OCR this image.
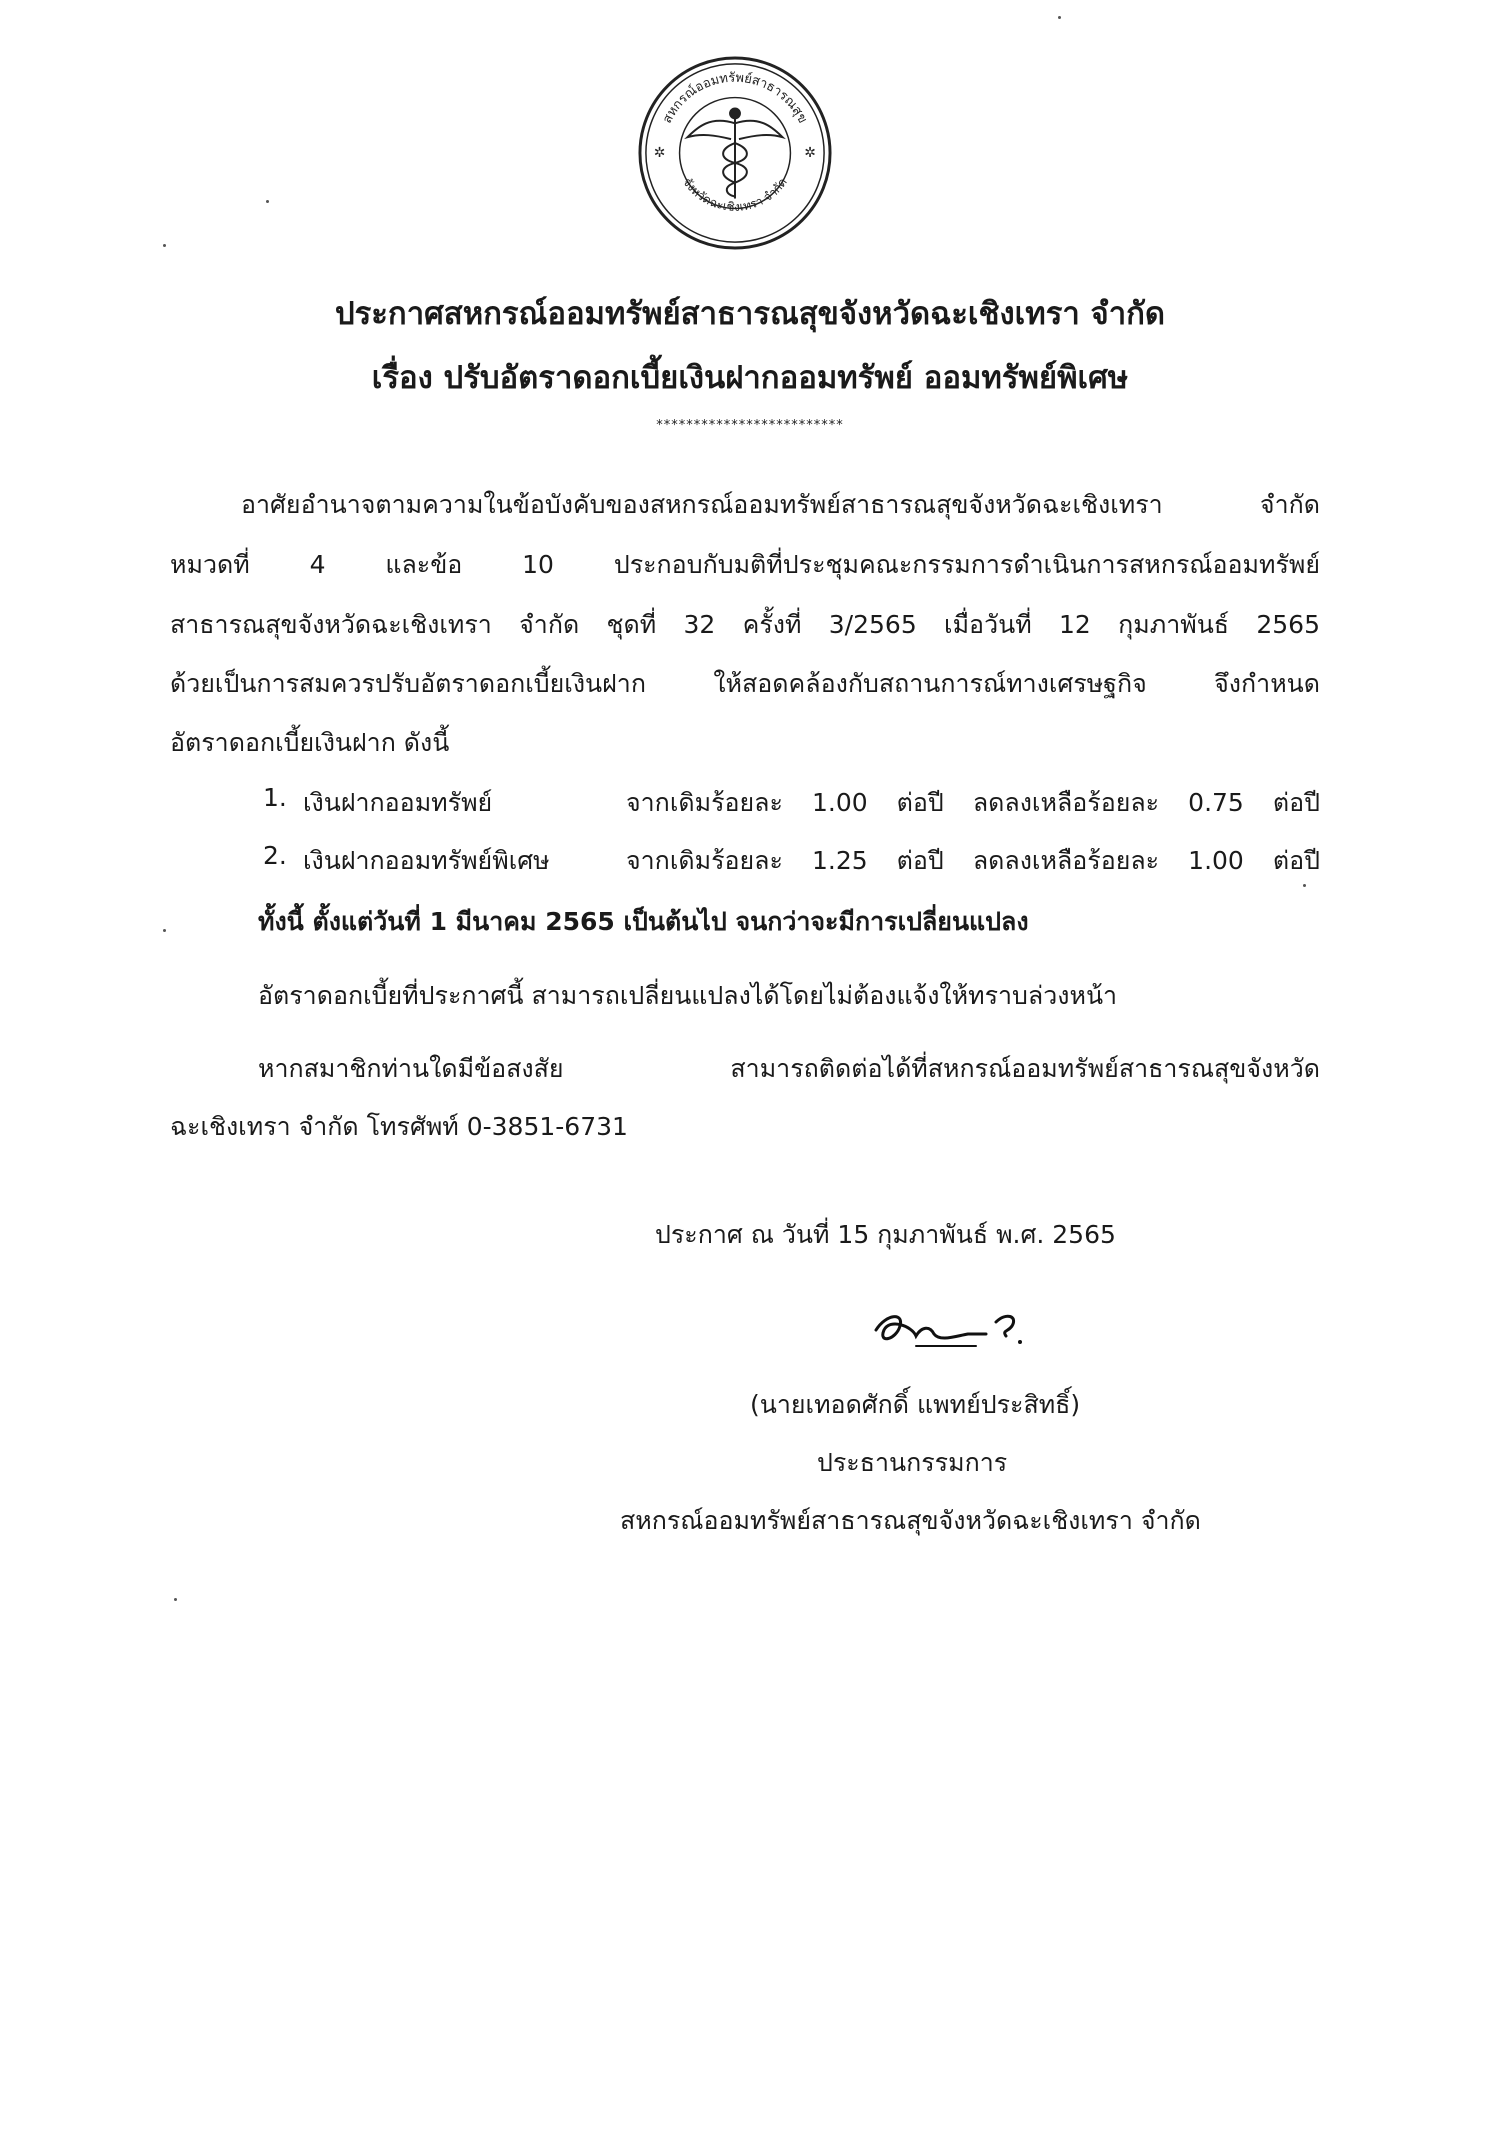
สหกรณ์ออมทรัพย์สาธารณสุข
จังหวัดฉะเชิงเทรา จำกัด
✲	✲
ประกาศสหกรณ์ออมทรัพย์สาธารณสุขจังหวัดฉะเชิงเทรา จำกัด
เรื่อง ปรับอัตราดอกเบี้ยเงินฝากออมทรัพย์ ออมทรัพย์พิเศษ
*************************
อาศัยอำนาจตามความในข้อบังคับของสหกรณ์ออมทรัพย์สาธารณสุขจังหวัดฉะเชิงเทรา จำกัด
หมวดที่ 4 และข้อ 10 ประกอบกับมติที่ประชุมคณะกรรมการดำเนินการสหกรณ์ออมทรัพย์
สาธารณสุขจังหวัดฉะเชิงเทรา จำกัด ชุดที่ 32 ครั้งที่ 3/2565 เมื่อวันที่ 12 กุมภาพันธ์ 2565
ด้วยเป็นการสมควรปรับอัตราดอกเบี้ยเงินฝาก ให้สอดคล้องกับสถานการณ์ทางเศรษฐกิจ จึงกำหนด
อัตราดอกเบี้ยเงินฝาก ดังนี้
1. เงินฝากออมทรัพย์	จากเดิมร้อยละ 1.00 ต่อปี ลดลงเหลือร้อยละ 0.75 ต่อปี
2. เงินฝากออมทรัพย์พิเศษ	จากเดิมร้อยละ 1.25 ต่อปี ลดลงเหลือร้อยละ 1.00 ต่อปี
ทั้งนี้ ตั้งแต่วันที่ 1 มีนาคม 2565 เป็นต้นไป จนกว่าจะมีการเปลี่ยนแปลง
อัตราดอกเบี้ยที่ประกาศนี้ สามารถเปลี่ยนแปลงได้โดยไม่ต้องแจ้งให้ทราบล่วงหน้า
หากสมาชิกท่านใดมีข้อสงสัย สามารถติดต่อได้ที่สหกรณ์ออมทรัพย์สาธารณสุขจังหวัด
ฉะเชิงเทรา จำกัด โทรศัพท์ 0-3851-6731
ประกาศ ณ วันที่ 15 กุมภาพันธ์ พ.ศ. 2565
(นายเทอดศักดิ์ แพทย์ประสิทธิ์)
ประธานกรรมการ
สหกรณ์ออมทรัพย์สาธารณสุขจังหวัดฉะเชิงเทรา จำกัด
